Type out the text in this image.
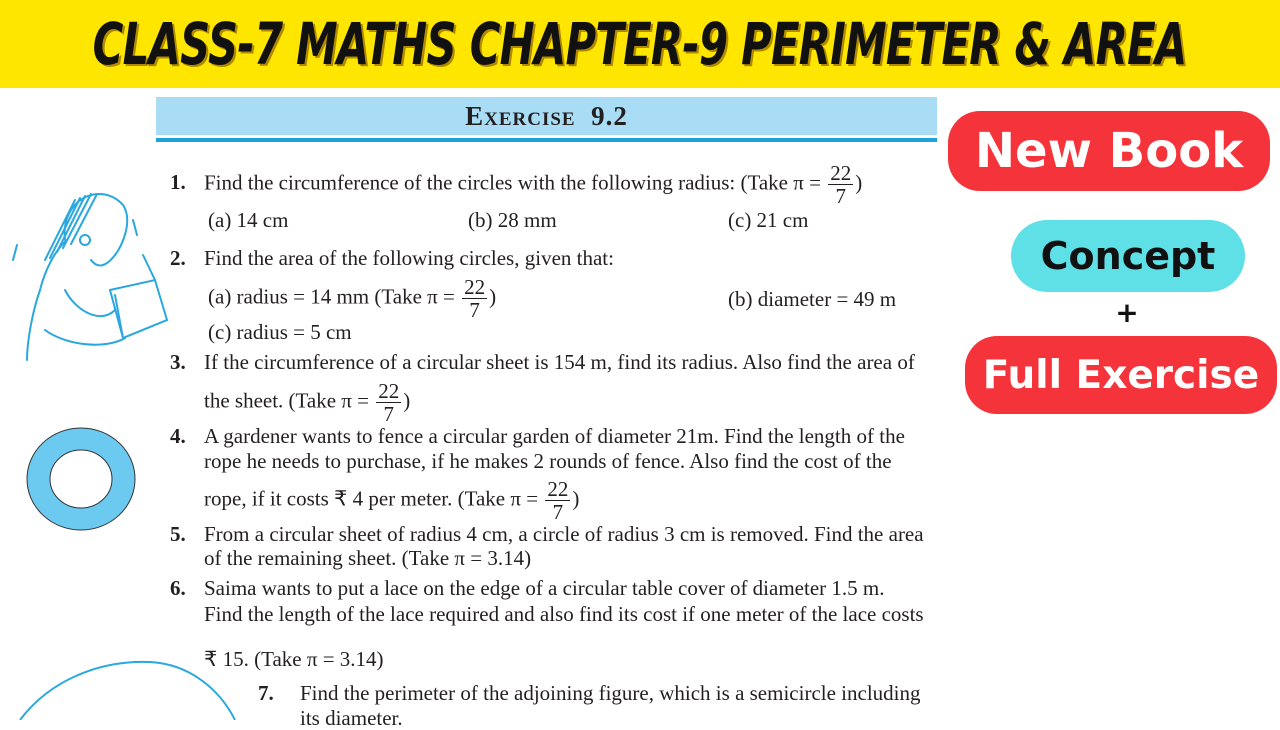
CLASS-7 MATHS CHAPTER-9 PERIMETER & AREA
Exercise 9.2
1. Find the circumference of the circles with the following radius: (Take $\pi = \frac{22}{7}$ )
(a) 14 cm	(b) 28 mm	(c) 21 cm
2. Find the area of the following circles, given that:
(a) radius = 14 mm (Take $\pi = \frac{22}{7}$ )	(b) diameter = 49 m
(c) radius = 5 cm
3. If the circumference of a circular sheet is 154 m, find its radius. Also find the area of
the sheet. (Take $\pi = \frac{22}{7}$ )
4. A gardener wants to fence a circular garden of diameter 21m. Find the length of the
rope he needs to purchase, if he makes 2 rounds of fence. Also find the cost of the
rope, if it costs ₹ 4 per meter. (Take $\pi = \frac{22}{7}$ )
5. From a circular sheet of radius 4 cm, a circle of radius 3 cm is removed. Find the area
of the remaining sheet. (Take π = 3.14)
6. Saima wants to put a lace on the edge of a circular table cover of diameter 1.5 m.
Find the length of the lace required and also find its cost if one meter of the lace costs
₹ 15. (Take π = 3.14)
7. Find the perimeter of the adjoining figure, which is a semicircle including
its diameter.
New Book
Concept
+
Full Exercise
